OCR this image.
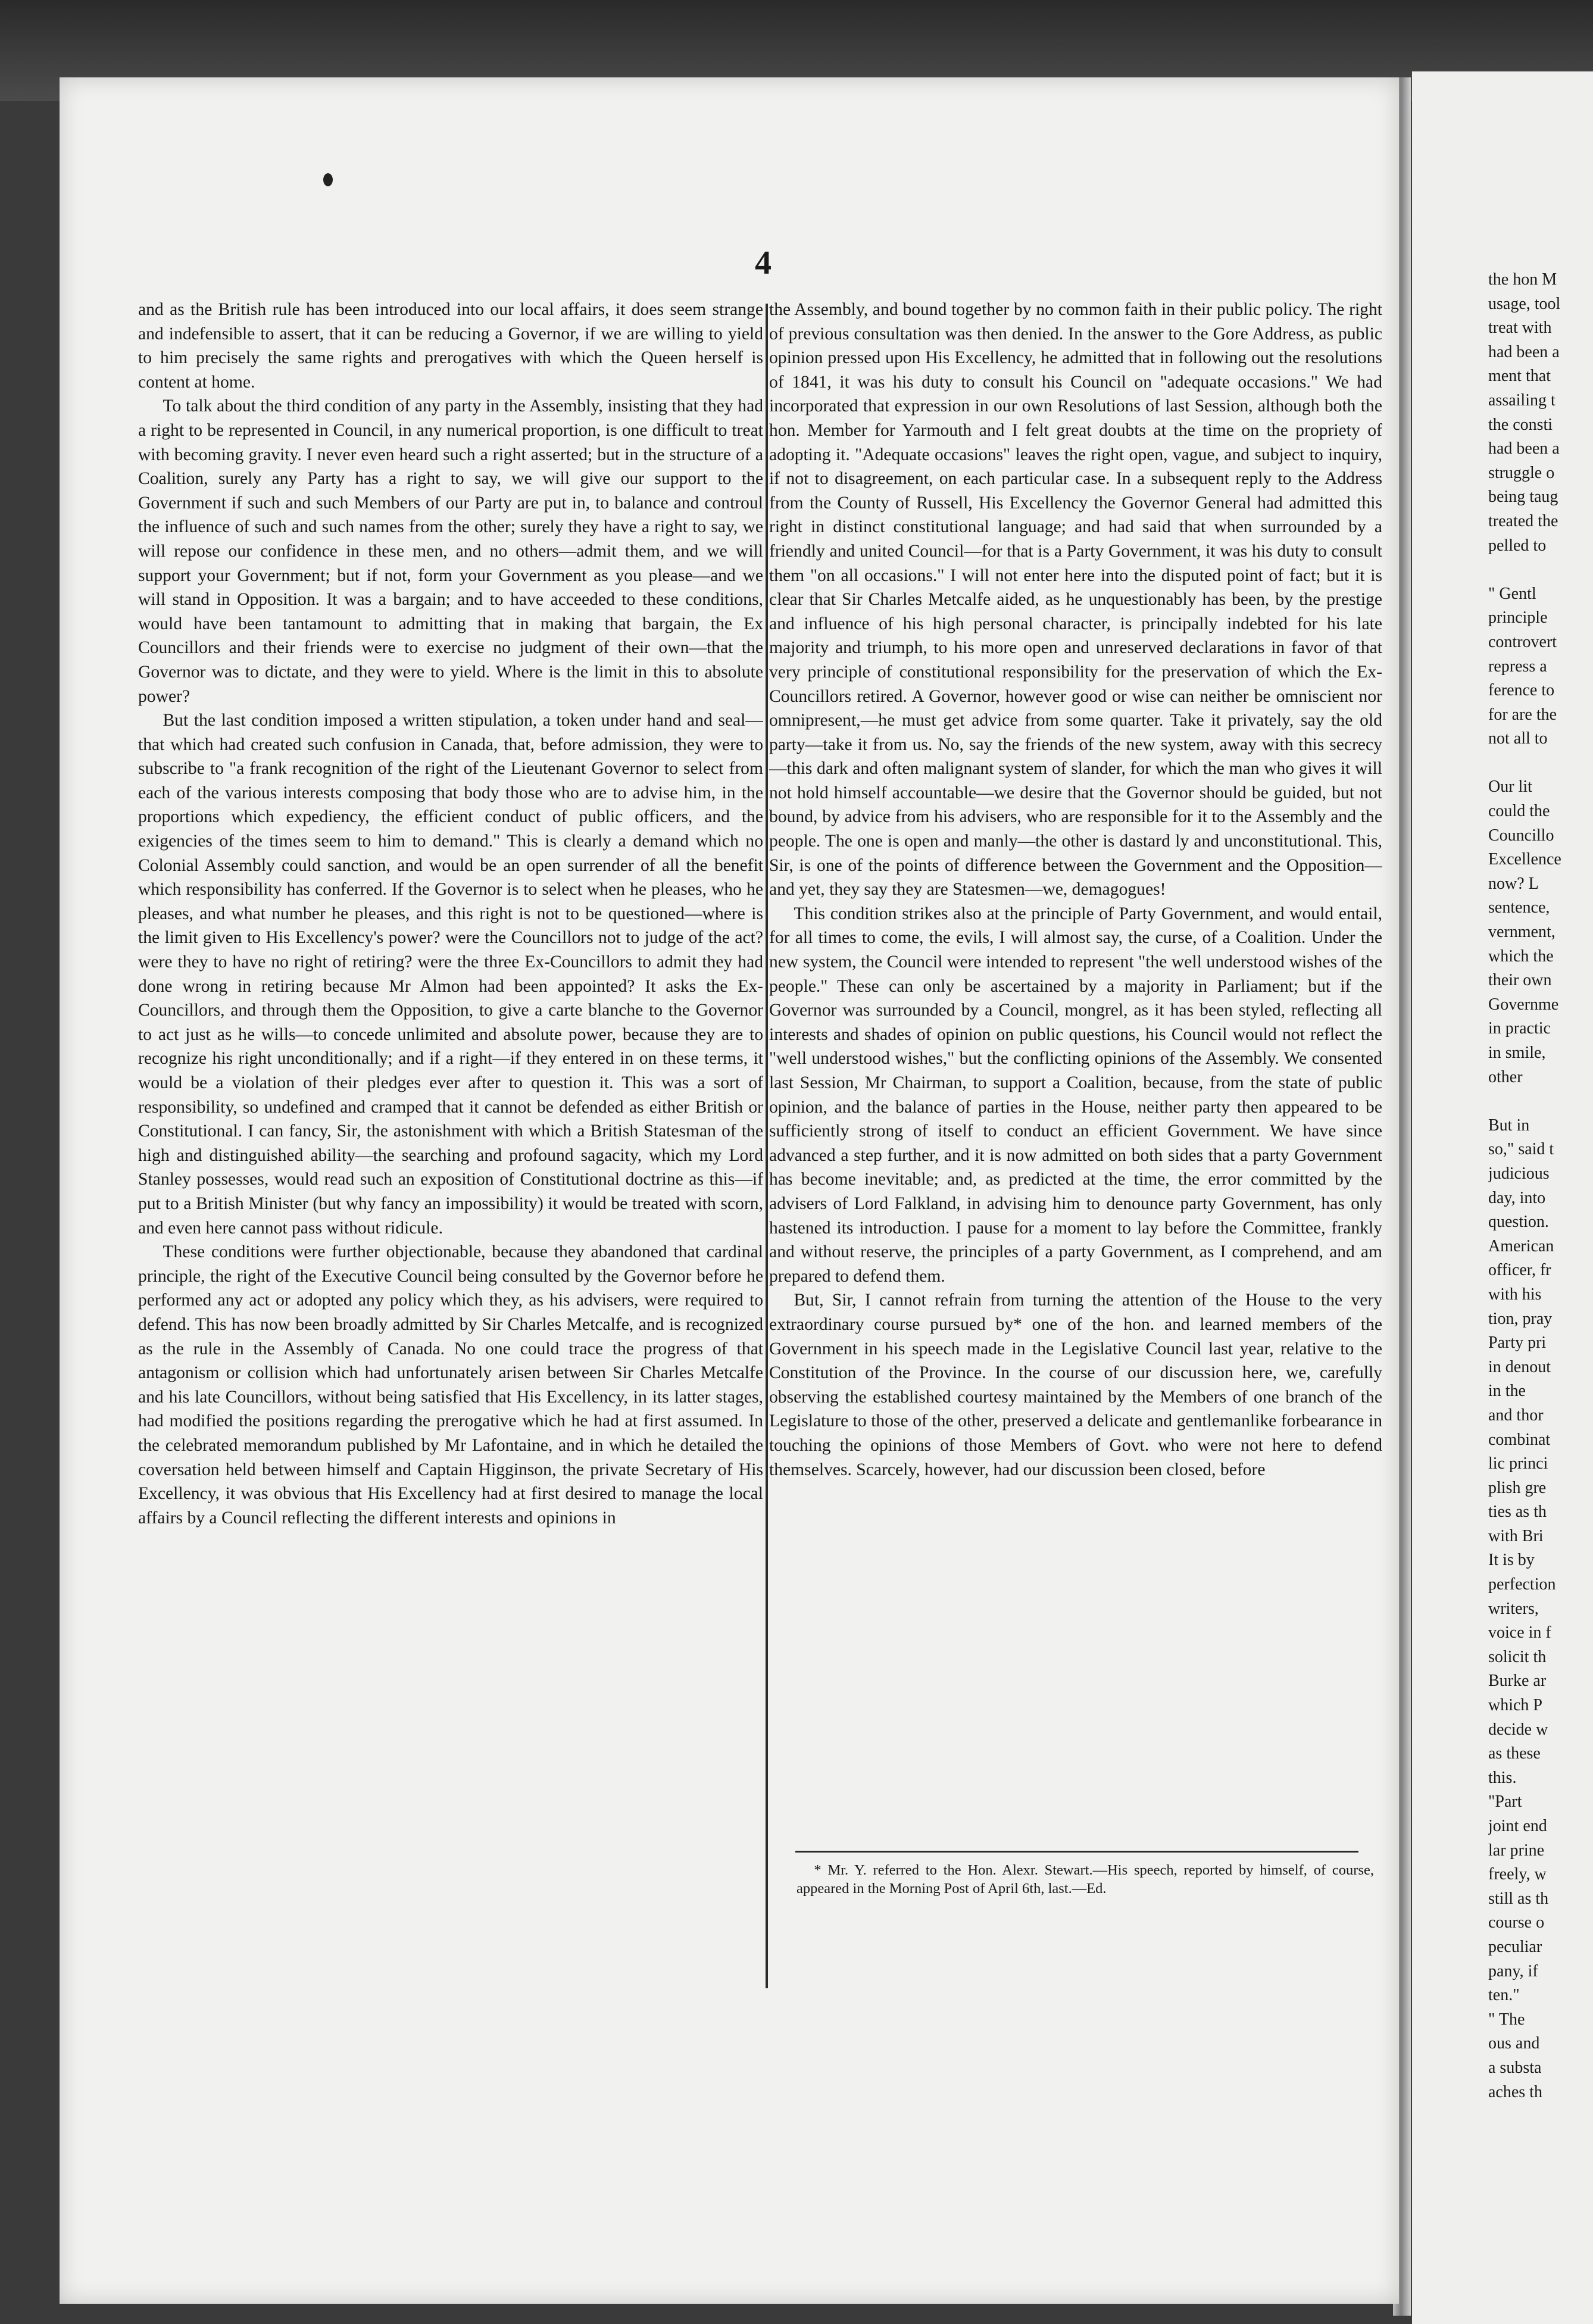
4

and as the British rule has been introduced into our local affairs, it does seem strange and indefensible to assert, that it can be reducing a Governor, if we are willing to yield to him precisely the same rights and prerogatives with which the Queen herself is content at home.

To talk about the third condition of any party in the Assembly, insisting that they had a right to be represented in Council, in any numerical proportion, is one difficult to treat with becoming gravity. I never even heard such a right asserted; but in the structure of a Coalition, surely any Party has a right to say, we will give our support to the Government if such and such Members of our Party are put in, to balance and controul the influence of such and such names from the other; surely they have a right to say, we will repose our confidence in these men, and no others—admit them, and we will support your Government; but if not, form your Government as you please—and we will stand in Opposition. It was a bargain; and to have acceeded to these conditions, would have been tantamount to admitting that in making that bargain, the Ex Councillors and their friends were to exercise no judgment of their own—that the Governor was to dictate, and they were to yield. Where is the limit in this to absolute power?

But the last condition imposed a written stipulation, a token under hand and seal—that which had created such confusion in Canada, that, before admission, they were to subscribe to "a frank recognition of the right of the Lieutenant Governor to select from each of the various interests composing that body those who are to advise him, in the proportions which expediency, the efficient conduct of public officers, and the exigencies of the times seem to him to demand." This is clearly a demand which no Colonial Assembly could sanction, and would be an open surrender of all the benefit which responsibility has conferred. If the Governor is to select when he pleases, who he pleases, and what number he pleases, and this right is not to be questioned—where is the limit given to His Excellency's power? were the Councillors not to judge of the act? were they to have no right of retiring? were the three Ex-Councillors to admit they had done wrong in retiring because Mr Almon had been appointed? It asks the Ex-Councillors, and through them the Opposition, to give a carte blanche to the Governor to act just as he wills—to concede unlimited and absolute power, because they are to recognize his right unconditionally; and if a right—if they entered in on these terms, it would be a violation of their pledges ever after to question it. This was a sort of responsibility, so undefined and cramped that it cannot be defended as either British or Constitutional. I can fancy, Sir, the astonishment with which a British Statesman of the high and distinguished ability—the searching and profound sagacity, which my Lord Stanley possesses, would read such an exposition of Constitutional doctrine as this—if put to a British Minister (but why fancy an impossibility) it would be treated with scorn, and even here cannot pass without ridicule.

These conditions were further objectionable, because they abandoned that cardinal principle, the right of the Executive Council being consulted by the Governor before he performed any act or adopted any policy which they, as his advisers, were required to defend. This has now been broadly admitted by Sir Charles Metcalfe, and is recognized as the rule in the Assembly of Canada. No one could trace the progress of that antagonism or collision which had unfortunately arisen between Sir Charles Metcalfe and his late Councillors, without being satisfied that His Excellency, in its latter stages, had modified the positions regarding the prerogative which he had at first assumed. In the celebrated memorandum published by Mr Lafontaine, and in which he detailed the coversation held between himself and Captain Higginson, the private Secretary of His Excellency, it was obvious that His Excellency had at first desired to manage the local affairs by a Council reflecting the different interests and opinions in

the Assembly, and bound together by no common faith in their public policy. The right of previous consultation was then denied. In the answer to the Gore Address, as public opinion pressed upon His Excellency, he admitted that in following out the resolutions of 1841, it was his duty to consult his Council on "adequate occasions." We had incorporated that expression in our own Resolutions of last Session, although both the hon. Member for Yarmouth and I felt great doubts at the time on the propriety of adopting it. "Adequate occasions" leaves the right open, vague, and subject to inquiry, if not to disagreement, on each particular case. In a subsequent reply to the Address from the County of Russell, His Excellency the Governor General had admitted this right in distinct constitutional language; and had said that when surrounded by a friendly and united Council—for that is a Party Government, it was his duty to consult them "on all occasions." I will not enter here into the disputed point of fact; but it is clear that Sir Charles Metcalfe aided, as he unquestionably has been, by the prestige and influence of his high personal character, is principally indebted for his late majority and triumph, to his more open and unreserved declarations in favor of that very principle of constitutional responsibility for the preservation of which the Ex-Councillors retired. A Governor, however good or wise can neither be omniscient nor omnipresent,—he must get advice from some quarter. Take it privately, say the old party—take it from us. No, say the friends of the new system, away with this secrecy—this dark and often malignant system of slander, for which the man who gives it will not hold himself accountable—we desire that the Governor should be guided, but not bound, by advice from his advisers, who are responsible for it to the Assembly and the people. The one is open and manly—the other is dastard ly and unconstitutional. This, Sir, is one of the points of difference between the Government and the Opposition—and yet, they say they are Statesmen—we, demagogues!

This condition strikes also at the principle of Party Government, and would entail, for all times to come, the evils, I will almost say, the curse, of a Coalition. Under the new system, the Council were intended to represent "the well understood wishes of the people." These can only be ascertained by a majority in Parliament; but if the Governor was surrounded by a Council, mongrel, as it has been styled, reflecting all interests and shades of opinion on public questions, his Council would not reflect the "well understood wishes," but the conflicting opinions of the Assembly. We consented last Session, Mr Chairman, to support a Coalition, because, from the state of public opinion, and the balance of parties in the House, neither party then appeared to be sufficiently strong of itself to conduct an efficient Government. We have since advanced a step further, and it is now admitted on both sides that a party Government has become inevitable; and, as predicted at the time, the error committed by the advisers of Lord Falkland, in advising him to denounce party Government, has only hastened its introduction. I pause for a moment to lay before the Committee, frankly and without reserve, the principles of a party Government, as I comprehend, and am prepared to defend them.

But, Sir, I cannot refrain from turning the attention of the House to the very extraordinary course pursued by* one of the hon. and learned members of the Government in his speech made in the Legislative Council last year, relative to the Constitution of the Province. In the course of our discussion here, we, carefully observing the established courtesy maintained by the Members of one branch of the Legislature to those of the other, preserved a delicate and gentlemanlike forbearance in touching the opinions of those Members of Govt. who were not here to defend themselves. Scarcely, however, had our discussion been closed, before

* Mr. Y. referred to the Hon. Alexr. Stewart.—His speech, reported by himself, of course, appeared in the Morning Post of April 6th, last.—Ed.

the hon M
usage, tool
treat with
had been a
ment that
assailing t
the consti
had been a
struggle o
being taug
treated the
pelled to
" Gentl
principle
controvert
repress a
ference to
for are the
not all to
Our lit
could the
Councillo
Excellence
now? L
sentence,
vernment,
which the
their own
Governme
in practic
in smile,
other
But in
so," said t
judicious
day, into
question.
American
officer, fr
with his
tion, pray
Party pri
in denout
in the
and thor
combinat
lic princi
plish gre
ties as th
with Bri
It is by
perfection
writers,
voice in f
solicit th
Burke ar
which P
decide w
as these
this.
"Part
joint end
lar prine
freely, w
still as th
course o
peculiar
pany, if
ten."
" The
ous and
a substa
aches th
